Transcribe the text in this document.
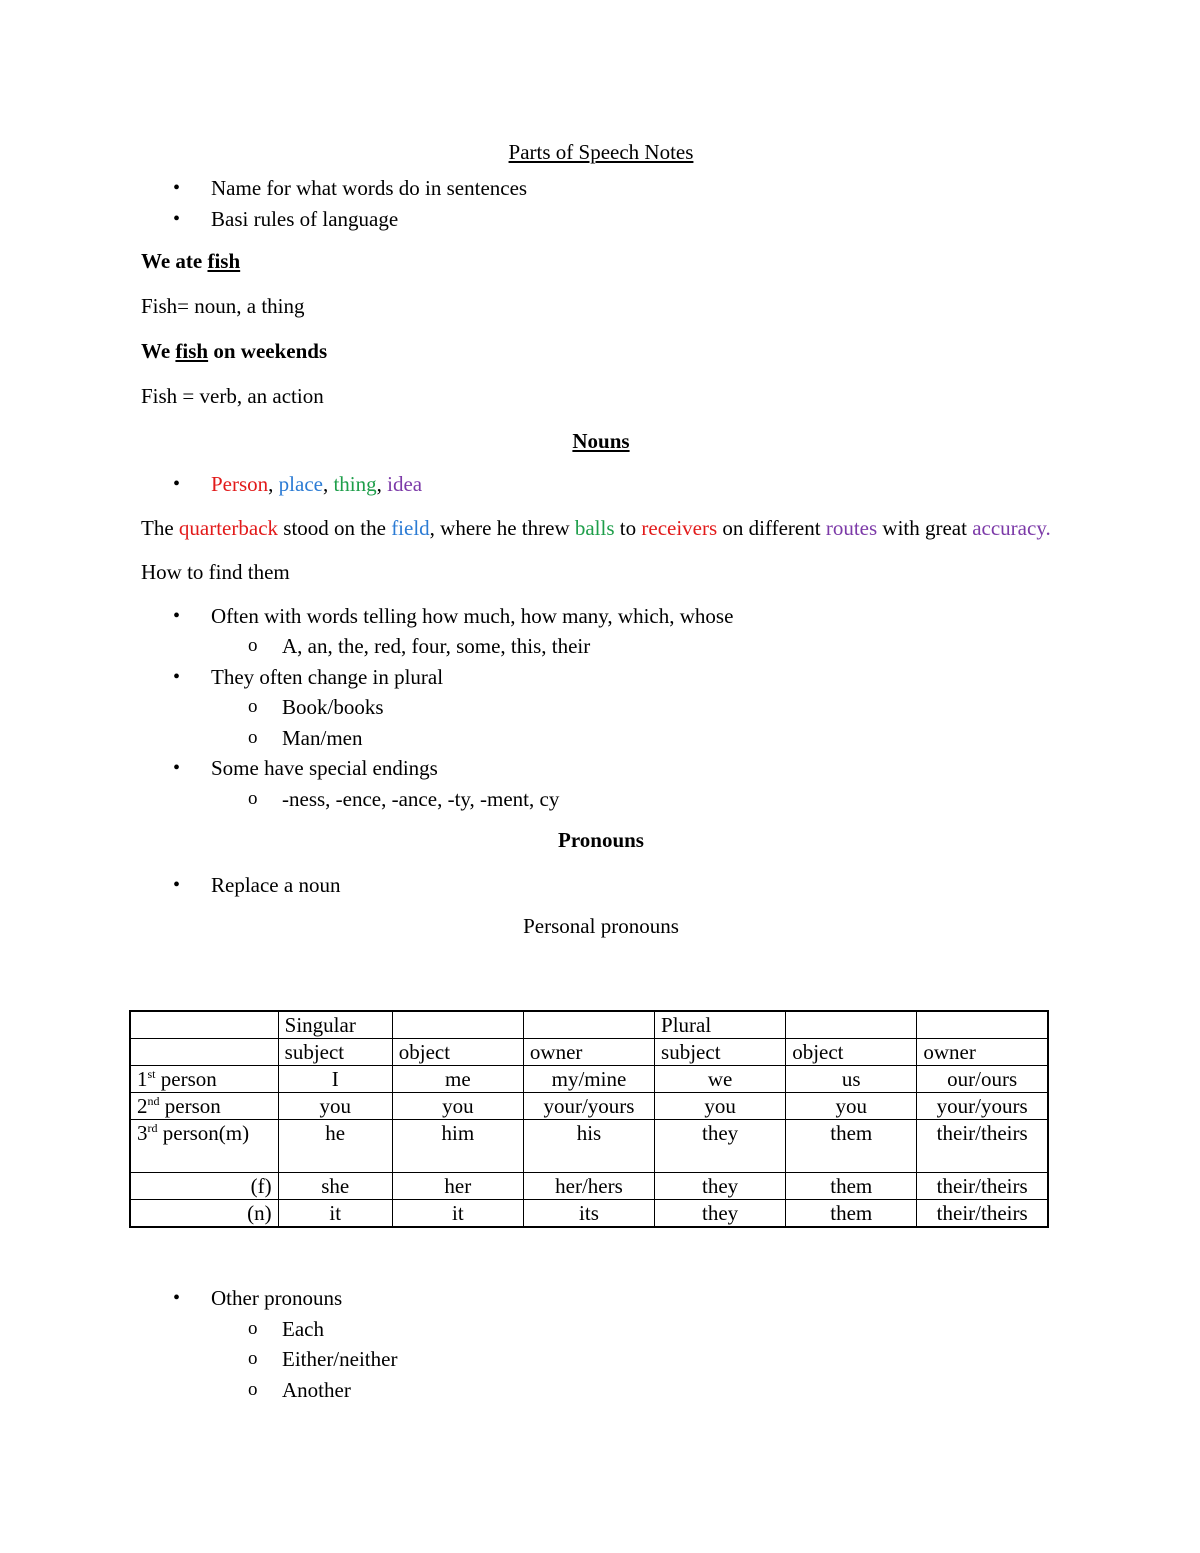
Parts of Speech Notes

• Name for what words do in sentences
• Basi rules of language

We ate fish

Fish= noun, a thing

We fish on weekends

Fish = verb, an action

Nouns

• Person, place, thing, idea

The quarterback stood on the field, where he threw balls to receivers on different routes with great accuracy.

How to find them

• Often with words telling how much, how many, which, whose
o A, an, the, red, four, some, this, their
• They often change in plural
o Book/books
o Man/men
• Some have special endings
o -ness, -ence, -ance, -ty, -ment, cy

Pronouns

• Replace a noun

Personal pronouns

	Singular			Plural		
	subject	object	owner	subject	object	owner
1st person	I	me	my/mine	we	us	our/ours
2nd person	you	you	your/yours	you	you	your/yours
3rd person(m)	he	him	his	they	them	their/theirs
(f)	she	her	her/hers	they	them	their/theirs
(n)	it	it	its	they	them	their/theirs
• Other pronouns
o Each
o Either/neither
o Another
